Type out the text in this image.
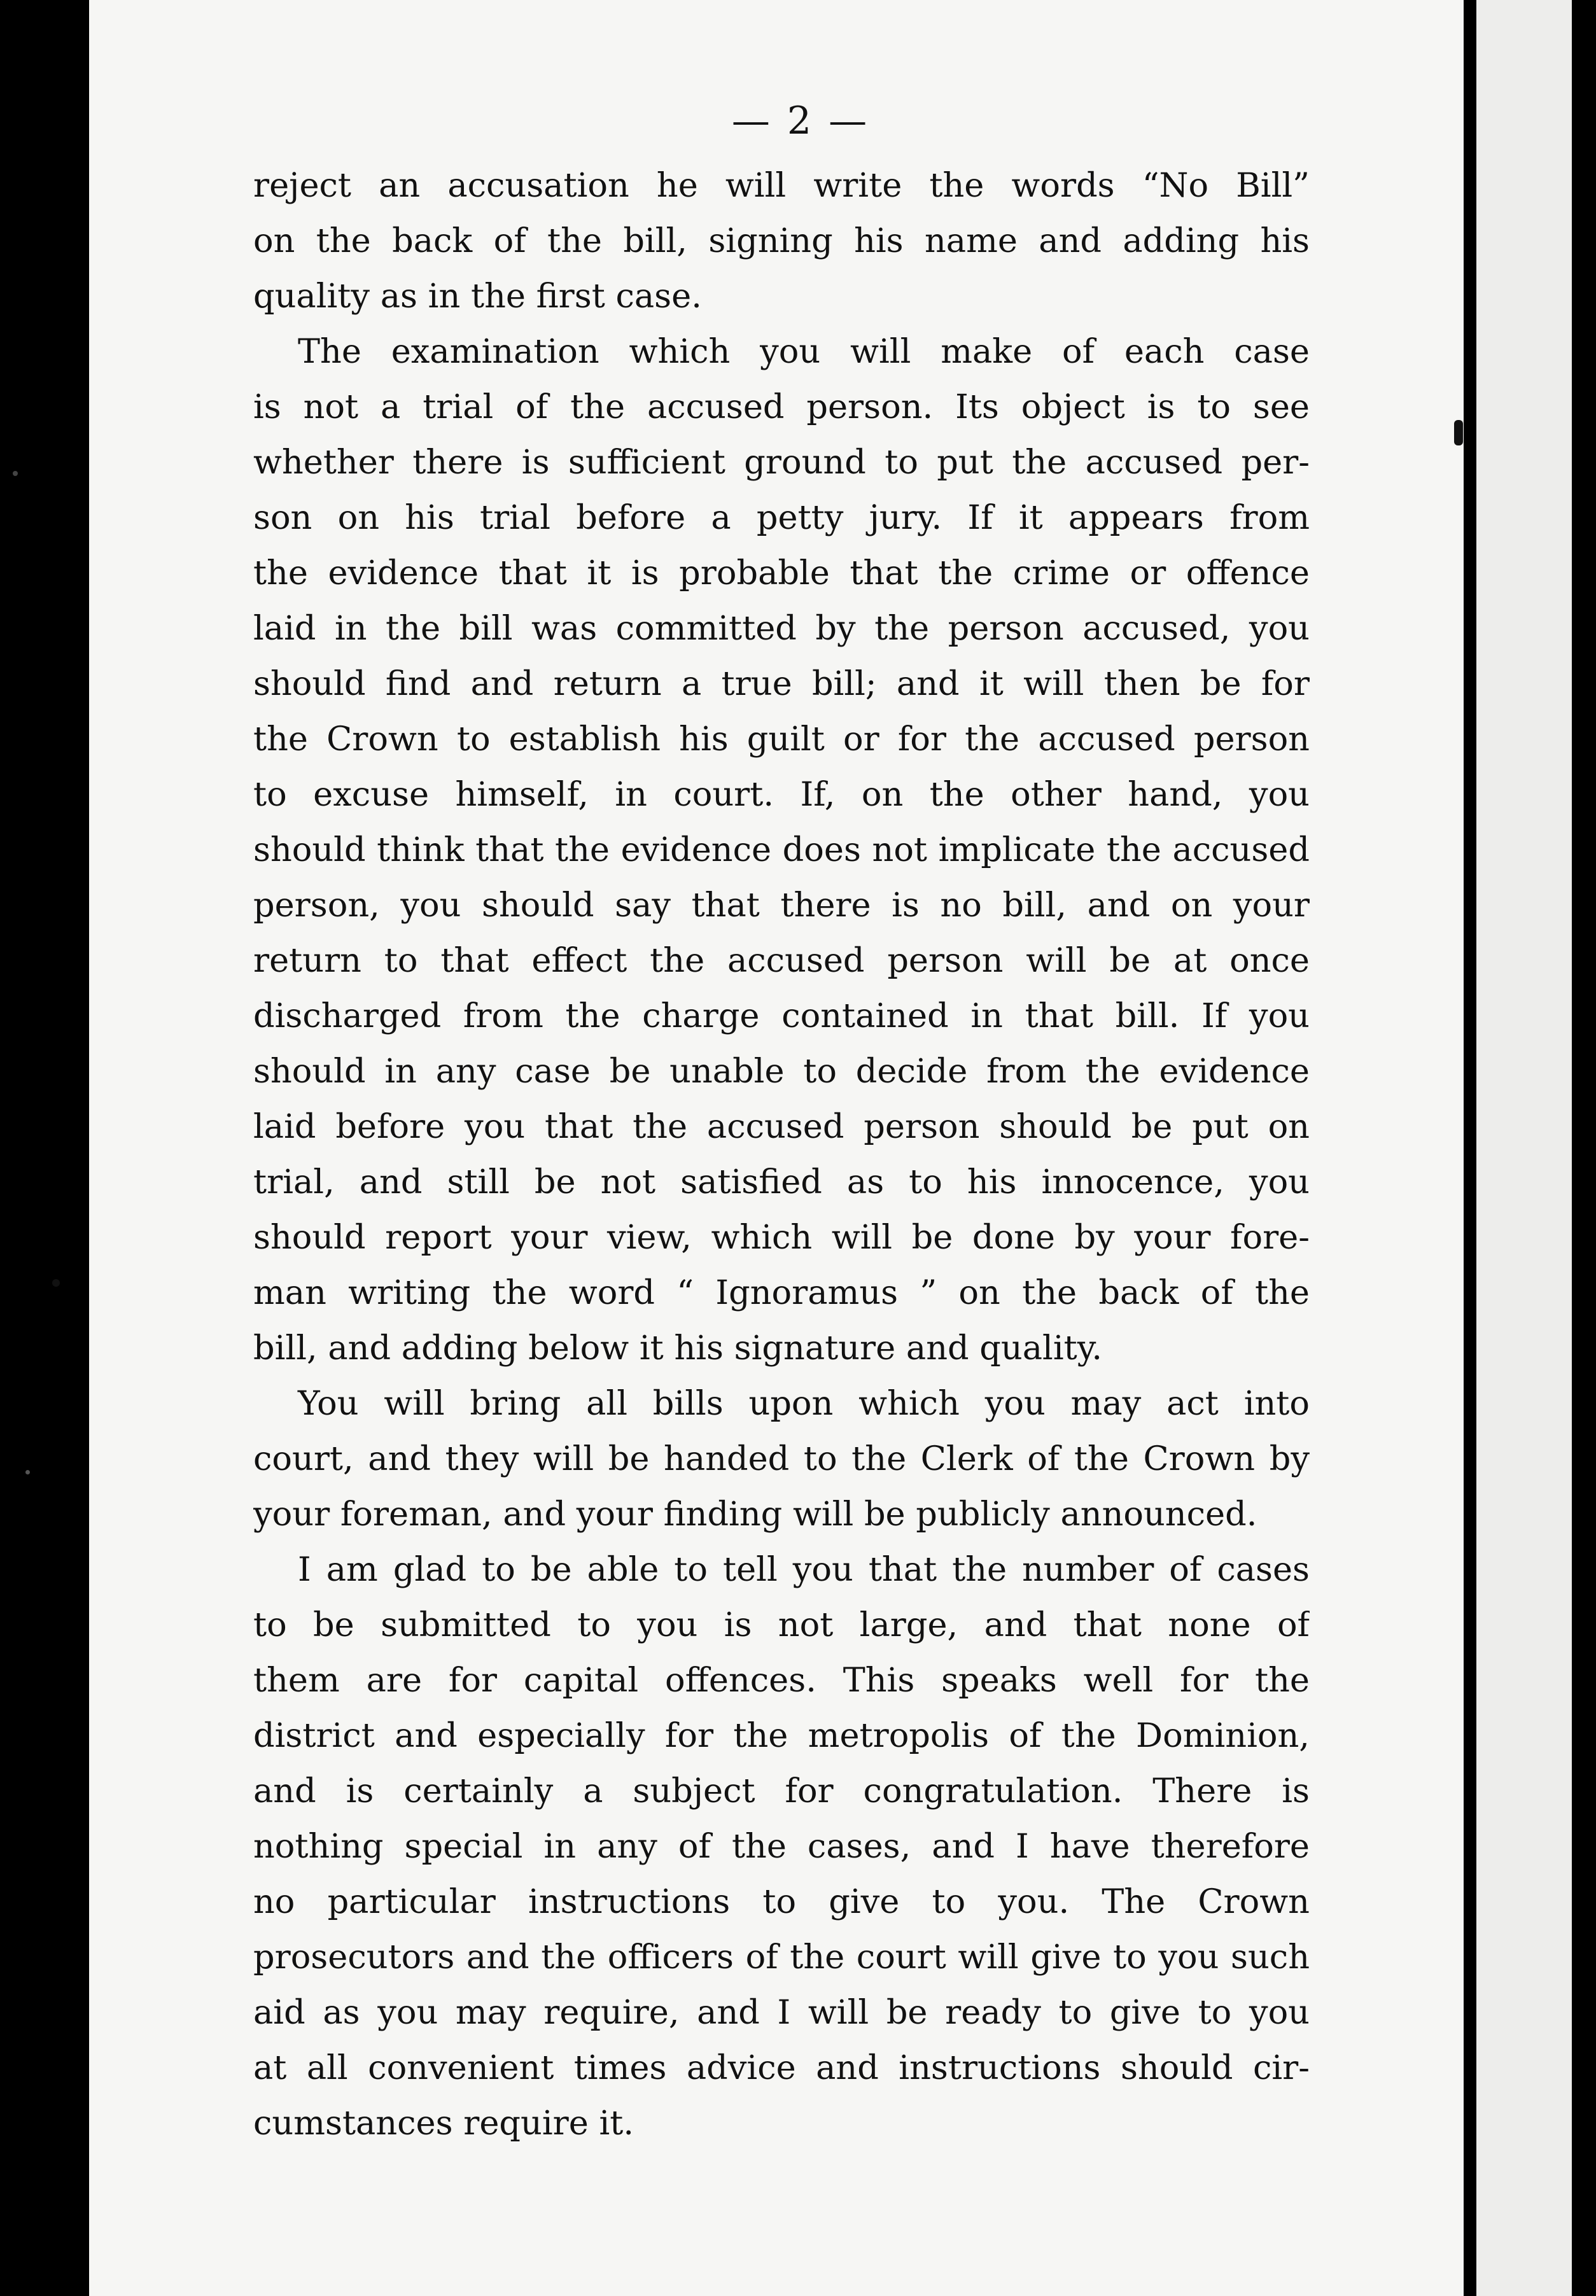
— 2 —
reject an accusation he will write the words “No Bill”
on the back of the bill, signing his name and adding his
quality as in the first case.
The examination which you will make of each case
is not a trial of the accused person. Its object is to see
whether there is sufficient ground to put the accused per-
son on his trial before a petty jury. If it appears from
the evidence that it is probable that the crime or offence
laid in the bill was committed by the person accused, you
should find and return a true bill; and it will then be for
the Crown to establish his guilt or for the accused person
to excuse himself, in court. If, on the other hand, you
should think that the evidence does not implicate the accused
person, you should say that there is no bill, and on your
return to that effect the accused person will be at once
discharged from the charge contained in that bill. If you
should in any case be unable to decide from the evidence
laid before you that the accused person should be put on
trial, and still be not satisfied as to his innocence, you
should report your view, which will be done by your fore-
man writing the word “ Ignoramus ” on the back of the
bill, and adding below it his signature and quality.
You will bring all bills upon which you may act into
court, and they will be handed to the Clerk of the Crown by
your foreman, and your finding will be publicly announced.
I am glad to be able to tell you that the number of cases
to be submitted to you is not large, and that none of
them are for capital offences. This speaks well for the
district and especially for the metropolis of the Dominion,
and is certainly a subject for congratulation. There is
nothing special in any of the cases, and I have therefore
no particular instructions to give to you. The Crown
prosecutors and the officers of the court will give to you such
aid as you may require, and I will be ready to give to you
at all convenient times advice and instructions should cir-
cumstances require it.
